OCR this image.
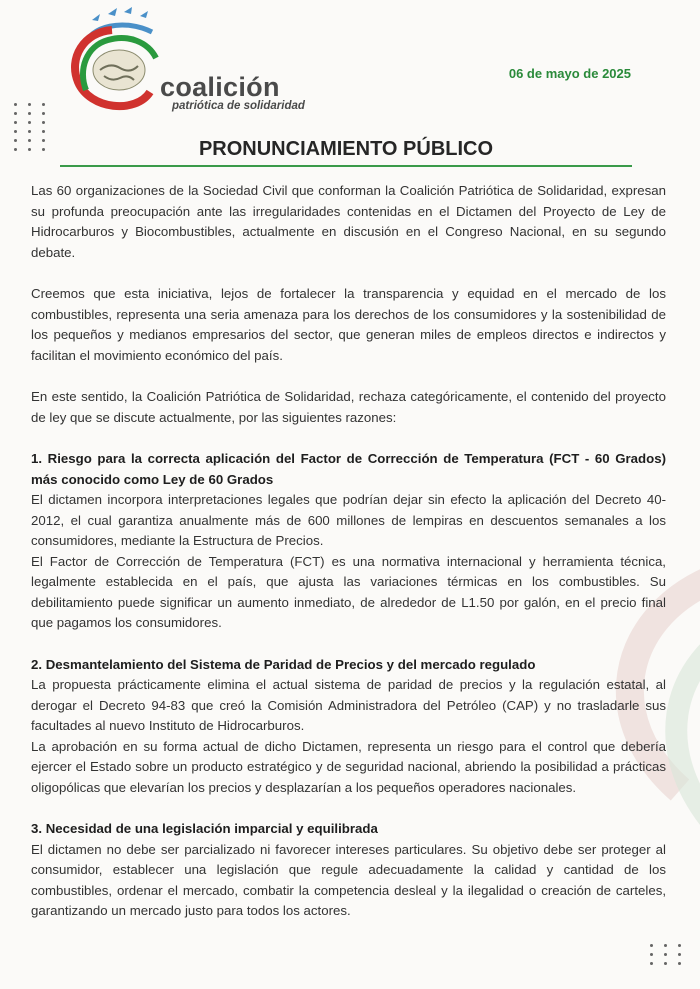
coalición
patriótica de solidaridad
06 de mayo de 2025
PRONUNCIAMIENTO PÚBLICO

Las 60 organizaciones de la Sociedad Civil que conforman la Coalición Patriótica de Solidaridad, expresan su profunda preocupación ante las irregularidades contenidas en el Dictamen del Proyecto de Ley de Hidrocarburos y Biocombustibles, actualmente en discusión en el Congreso Nacional, en su segundo debate.

Creemos que esta iniciativa, lejos de fortalecer la transparencia y equidad en el mercado de los combustibles, representa una seria amenaza para los derechos de los consumidores y la sostenibilidad de los pequeños y medianos empresarios del sector, que generan miles de empleos directos e indirectos y facilitan el movimiento económico del país.

En este sentido, la Coalición Patriótica de Solidaridad, rechaza categóricamente, el contenido del proyecto de ley que se discute actualmente, por las siguientes razones:

1. Riesgo para la correcta aplicación del Factor de Corrección de Temperatura (FCT - 60 Grados) más conocido como Ley de 60 Grados

El dictamen incorpora interpretaciones legales que podrían dejar sin efecto la aplicación del Decreto 40-2012, el cual garantiza anualmente más de 600 millones de lempiras en descuentos semanales a los consumidores, mediante la Estructura de Precios.

El Factor de Corrección de Temperatura (FCT) es una normativa internacional y herramienta técnica, legalmente establecida en el país, que ajusta las variaciones térmicas en los combustibles. Su debilitamiento puede significar un aumento inmediato, de alrededor de L1.50 por galón, en el precio final que pagamos los consumidores.

2. Desmantelamiento del Sistema de Paridad de Precios y del mercado regulado

La propuesta prácticamente elimina el actual sistema de paridad de precios y la regulación estatal, al derogar el Decreto 94-83 que creó la Comisión Administradora del Petróleo (CAP) y no trasladarle sus facultades al nuevo Instituto de Hidrocarburos.

La aprobación en su forma actual de dicho Dictamen, representa un riesgo para el control que debería ejercer el Estado sobre un producto estratégico y de seguridad nacional, abriendo la posibilidad a prácticas oligopólicas que elevarían los precios y desplazarían a los pequeños operadores nacionales.

3. Necesidad de una legislación imparcial y equilibrada

El dictamen no debe ser parcializado ni favorecer intereses particulares. Su objetivo debe ser proteger al consumidor, establecer una legislación que regule adecuadamente la calidad y cantidad de los combustibles, ordenar el mercado, combatir la competencia desleal y la ilegalidad o creación de carteles, garantizando un mercado justo para todos los actores.
